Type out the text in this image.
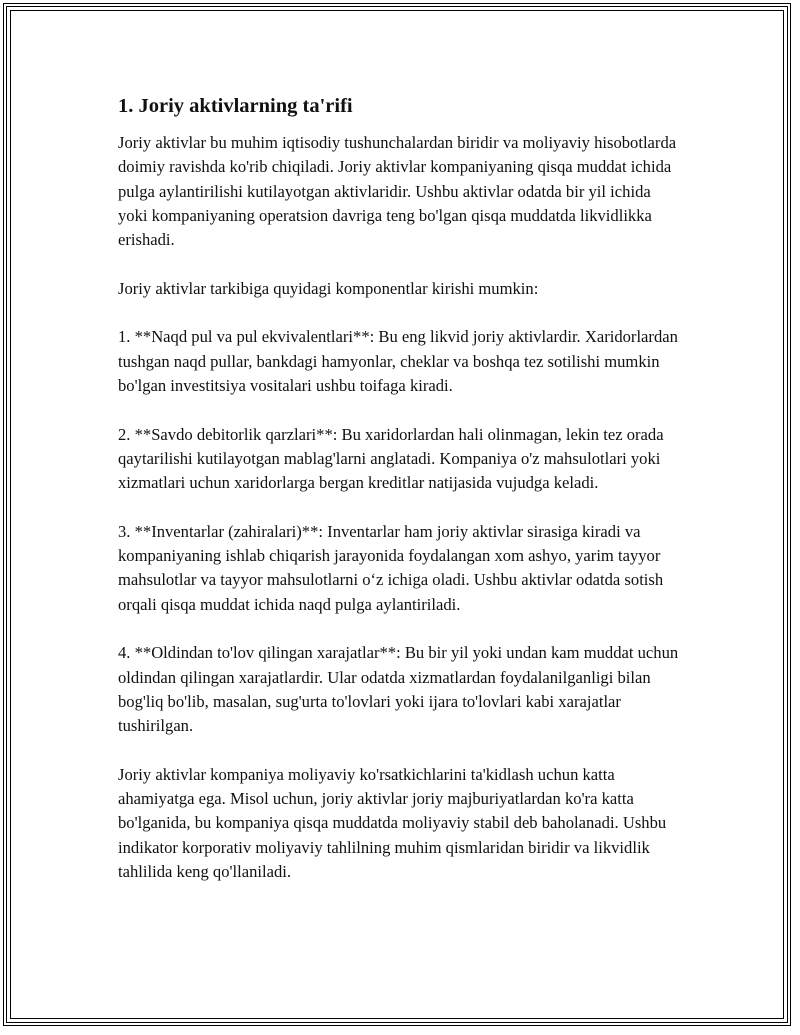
1. Joriy aktivlarning ta'rifi

Joriy aktivlar bu muhim iqtisodiy tushunchalardan biridir va moliyaviy hisobotlarda doimiy ravishda ko'rib chiqiladi. Joriy aktivlar kompaniyaning qisqa muddat ichida pulga aylantirilishi kutilayotgan aktivlaridir. Ushbu aktivlar odatda bir yil ichida yoki kompaniyaning operatsion davriga teng bo'lgan qisqa muddatda likvidlikka erishadi.

Joriy aktivlar tarkibiga quyidagi komponentlar kirishi mumkin:

1. **Naqd pul va pul ekvivalentlari**: Bu eng likvid joriy aktivlardir. Xaridorlardan tushgan naqd pullar, bankdagi hamyonlar, cheklar va boshqa tez sotilishi mumkin bo'lgan investitsiya vositalari ushbu toifaga kiradi.

2. **Savdo debitorlik qarzlari**: Bu xaridorlardan hali olinmagan, lekin tez orada qaytarilishi kutilayotgan mablag'larni anglatadi. Kompaniya o'z mahsulotlari yoki xizmatlari uchun xaridorlarga bergan kreditlar natijasida vujudga keladi.

3. **Inventarlar (zahiralari)**: Inventarlar ham joriy aktivlar sirasiga kiradi va kompaniyaning ishlab chiqarish jarayonida foydalangan xom ashyo, yarim tayyor mahsulotlar va tayyor mahsulotlarni o‘z ichiga oladi. Ushbu aktivlar odatda sotish orqali qisqa muddat ichida naqd pulga aylantiriladi.

4. **Oldindan to'lov qilingan xarajatlar**: Bu bir yil yoki undan kam muddat uchun oldindan qilingan xarajatlardir. Ular odatda xizmatlardan foydalanilganligi bilan bog'liq bo'lib, masalan, sug'urta to'lovlari yoki ijara to'lovlari kabi xarajatlar tushirilgan.

Joriy aktivlar kompaniya moliyaviy ko'rsatkichlarini ta'kidlash uchun katta ahamiyatga ega. Misol uchun, joriy aktivlar joriy majburiyatlardan ko'ra katta bo'lganida, bu kompaniya qisqa muddatda moliyaviy stabil deb baholanadi. Ushbu indikator korporativ moliyaviy tahlilning muhim qismlaridan biridir va likvidlik tahlilida keng qo'llaniladi.
